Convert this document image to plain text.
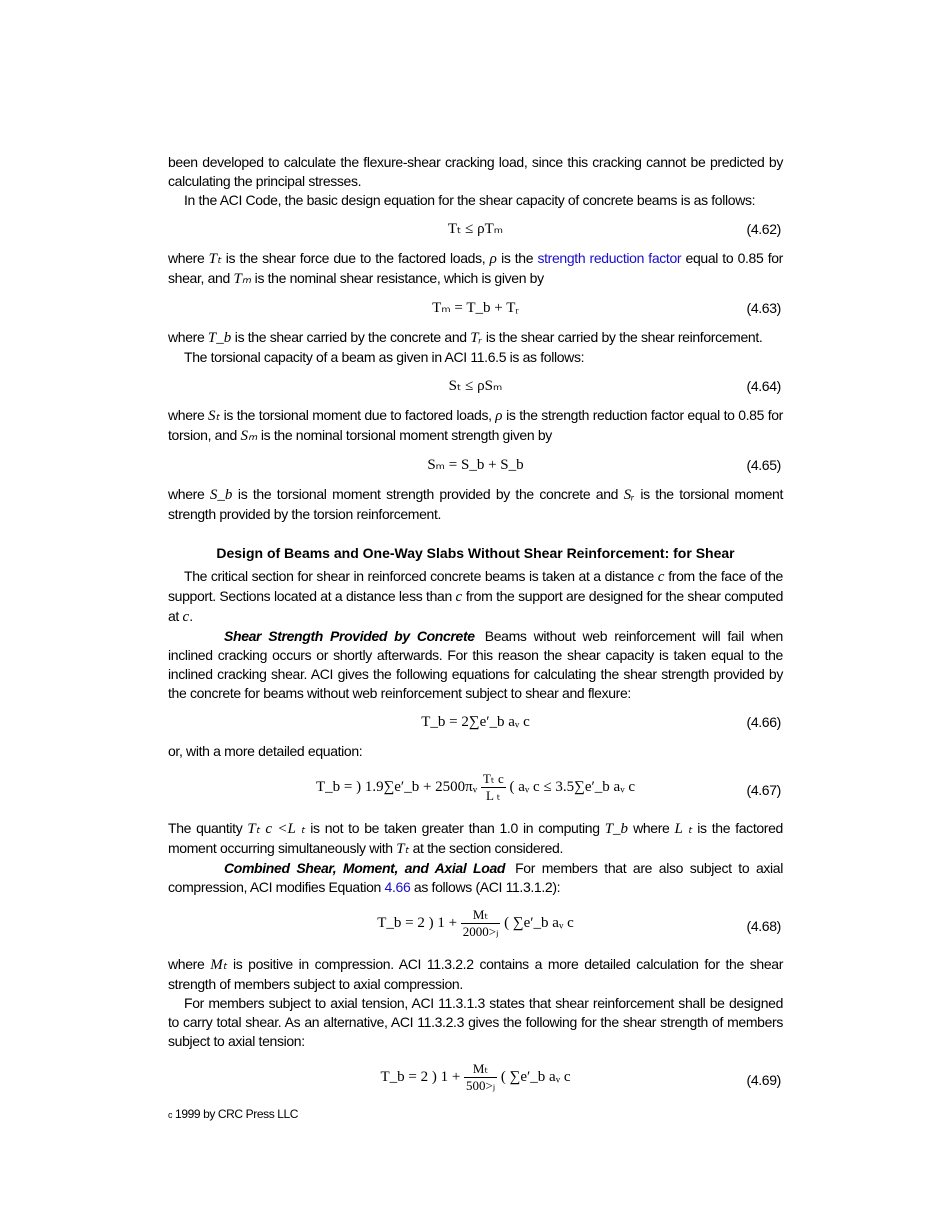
been developed to calculate the flexure-shear cracking load, since this cracking cannot be predicted by calculating the principal stresses.

In the ACI Code, the basic design equation for the shear capacity of concrete beams is as follows:

Tₜ ≤ ρTₘ	(4.62)

where Tₜ is the shear force due to the factored loads, ρ is the strength reduction factor equal to 0.85 for shear, and Tₘ is the nominal shear resistance, which is given by

Tₘ = T_b + Tᵣ	(4.63)

where T_b is the shear carried by the concrete and Tᵣ is the shear carried by the shear reinforcement.

The torsional capacity of a beam as given in ACI 11.6.5 is as follows:

Sₜ ≤ ρSₘ	(4.64)

where Sₜ is the torsional moment due to factored loads, ρ is the strength reduction factor equal to 0.85 for torsion, and Sₘ is the nominal torsional moment strength given by

Sₘ = S_b + S_b	(4.65)

where S_b is the torsional moment strength provided by the concrete and Sᵣ is the torsional moment strength provided by the torsion reinforcement.

Design of Beams and One-Way Slabs Without Shear Reinforcement: for Shear

The critical section for shear in reinforced concrete beams is taken at a distance c from the face of the support. Sections located at a distance less than c from the support are designed for the shear computed at c.

Shear Strength Provided by Concrete Beams without web reinforcement will fail when inclined cracking occurs or shortly afterwards. For this reason the shear capacity is taken equal to the inclined cracking shear. ACI gives the following equations for calculating the shear strength provided by the concrete for beams without web reinforcement subject to shear and flexure:

T_b = 2∑e′_b aᵥ c	(4.66)

or, with a more detailed equation:

T_b = ) 1.9∑e′_b + 2500πᵥ $\frac{\text{Tₜ c}}{\text{L ₜ}}$ ( aᵥ c ≤ 3.5∑e′_b aᵥ c	(4.67)

The quantity Tₜ c <L ₜ is not to be taken greater than 1.0 in computing T_b where L ₜ is the factored moment occurring simultaneously with Tₜ at the section considered.

Combined Shear, Moment, and Axial Load For members that are also subject to axial compression, ACI modifies Equation 4.66 as follows (ACI 11.3.1.2):

T_b = 2 ) $1 + \frac{\text{Mₜ}}{\text{2000>ⱼ}}$ ( ∑e′_b aᵥ c	(4.68)

where Mₜ is positive in compression. ACI 11.3.2.2 contains a more detailed calculation for the shear strength of members subject to axial compression.

For members subject to axial tension, ACI 11.3.1.3 states that shear reinforcement shall be designed to carry total shear. As an alternative, ACI 11.3.2.3 gives the following for the shear strength of members subject to axial tension:

T_b = 2 ) $1 + \frac{\text{Mₜ}}{\text{500>ⱼ}}$ ( ∑e′_b aᵥ c	(4.69)
c 1999 by CRC Press LLC
